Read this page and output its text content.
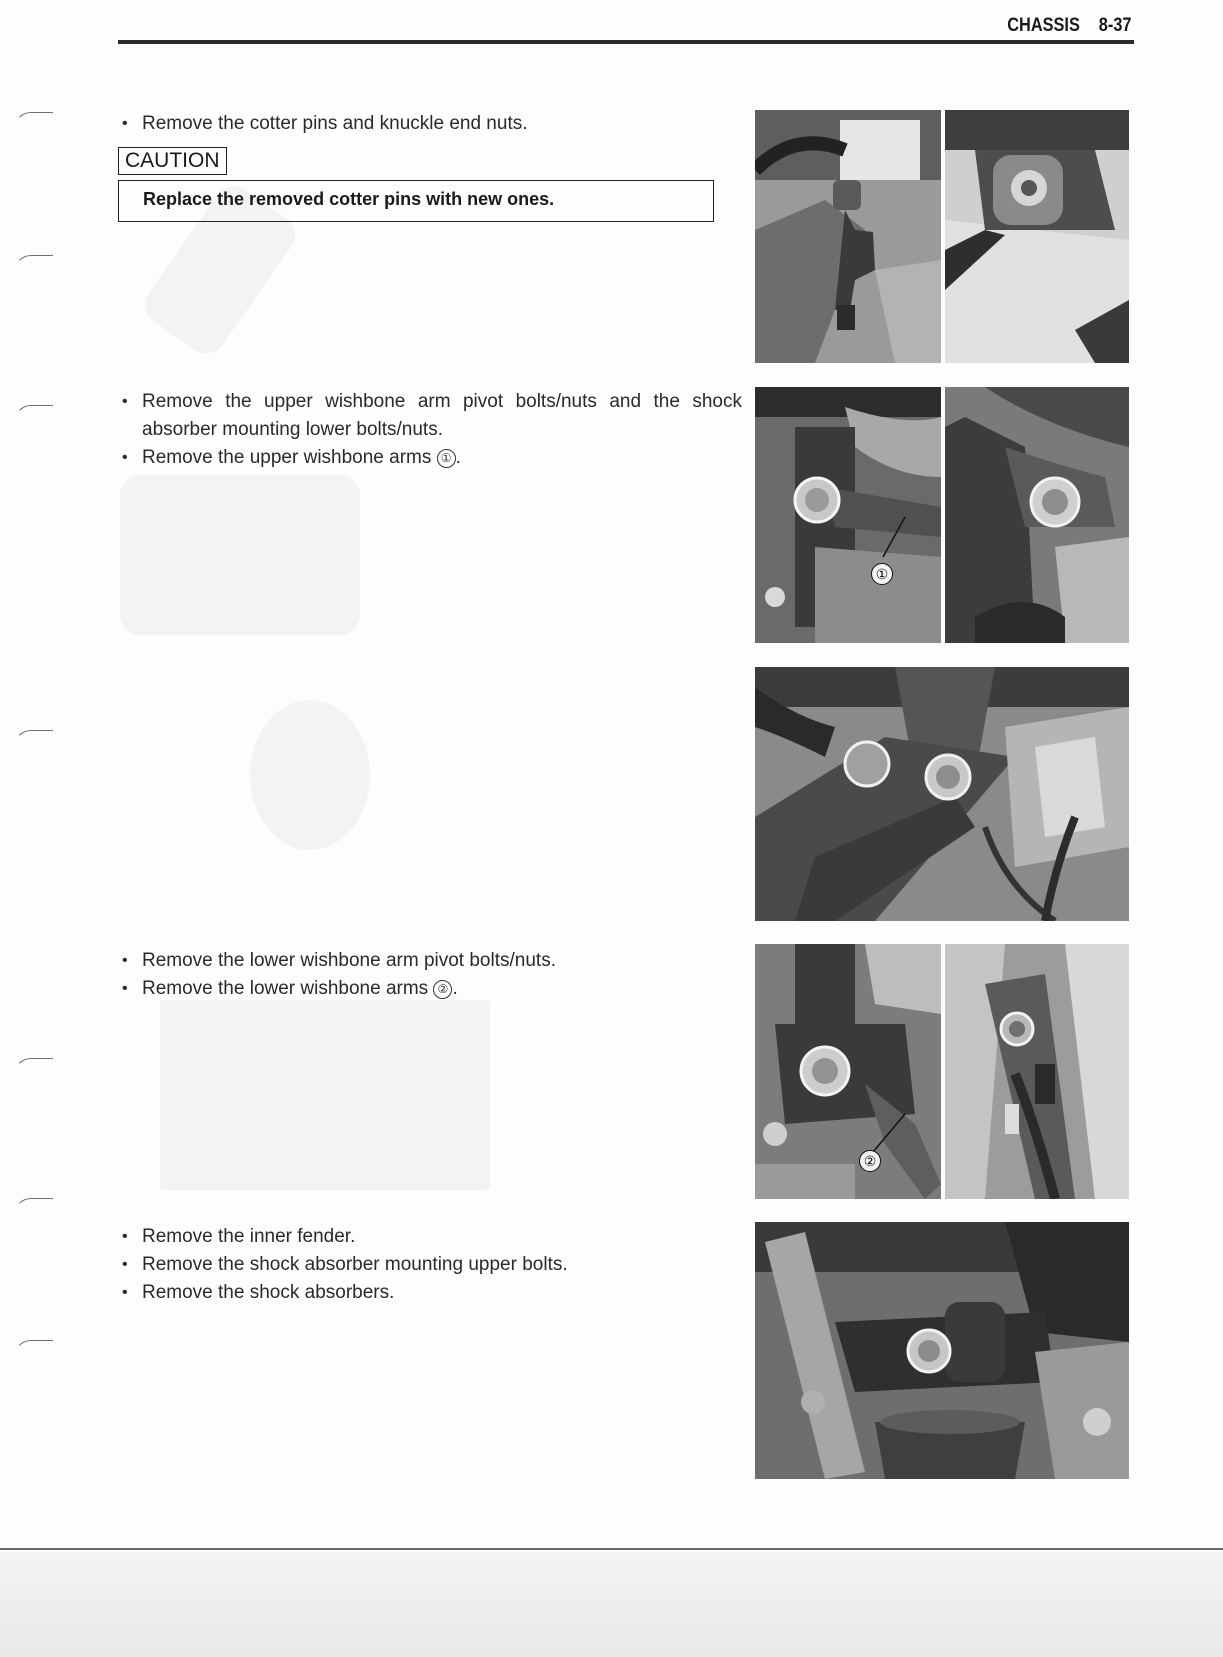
CHASSIS 8-37
• Remove the cotter pins and knuckle end nuts.
CAUTION
Replace the removed cotter pins with new ones.
• Remove the upper wishbone arm pivot bolts/nuts and the shock absorber mounting lower bolts/nuts.
• Remove the upper wishbone arms ① .
• Remove the lower wishbone arm pivot bolts/nuts.
• Remove the lower wishbone arms ② .
• Remove the inner fender.
• Remove the shock absorber mounting upper bolts.
• Remove the shock absorbers.
①
②
